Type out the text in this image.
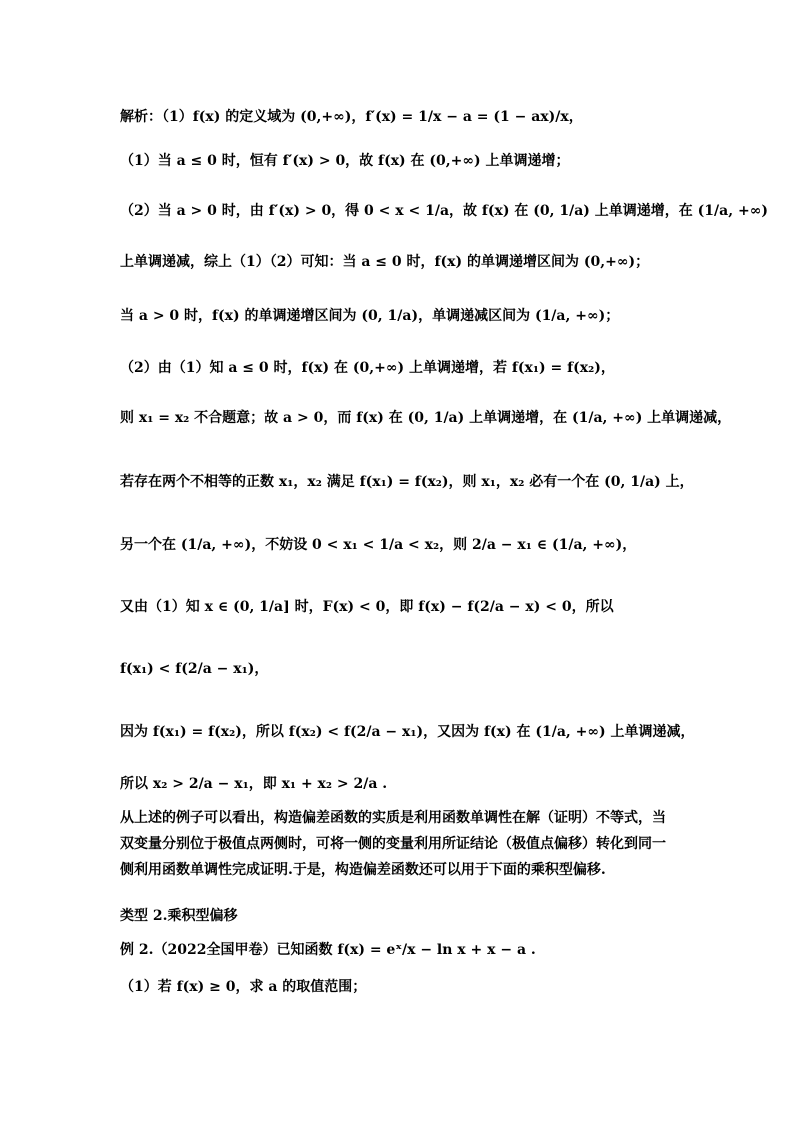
解析：（1）f(x) 的定义域为 (0,+∞)，f′(x) = 1/x − a = (1 − ax)/x，
（1）当 a ≤ 0 时，恒有 f′(x) > 0，故 f(x) 在 (0,+∞) 上单调递增；
（2）当 a > 0 时，由 f′(x) > 0，得 0 < x < 1/a，故 f(x) 在 (0, 1/a) 上单调递增，在 (1/a, +∞)
上单调递减，综上（1）（2）可知：当 a ≤ 0 时，f(x) 的单调递增区间为 (0,+∞)；
当 a > 0 时，f(x) 的单调递增区间为 (0, 1/a)，单调递减区间为 (1/a, +∞)；
（2）由（1）知 a ≤ 0 时，f(x) 在 (0,+∞) 上单调递增，若 f(x₁) = f(x₂)，
则 x₁ = x₂ 不合题意；故 a > 0，而 f(x) 在 (0, 1/a) 上单调递增，在 (1/a, +∞) 上单调递减，
若存在两个不相等的正数 x₁，x₂ 满足 f(x₁) = f(x₂)，则 x₁，x₂ 必有一个在 (0, 1/a) 上，
另一个在 (1/a, +∞)，不妨设 0 < x₁ < 1/a < x₂，则 2/a − x₁ ∈ (1/a, +∞)，
又由（1）知 x ∈ (0, 1/a] 时，F(x) < 0，即 f(x) − f(2/a − x) < 0，所以
f(x₁) < f(2/a − x₁)，
因为 f(x₁) = f(x₂)，所以 f(x₂) < f(2/a − x₁)，又因为 f(x) 在 (1/a, +∞) 上单调递减，
所以 x₂ > 2/a − x₁，即 x₁ + x₂ > 2/a .
从上述的例子可以看出，构造偏差函数的实质是利用函数单调性在解（证明）不等式，当
双变量分别位于极值点两侧时，可将一侧的变量利用所证结论（极值点偏移）转化到同一
侧利用函数单调性完成证明.于是，构造偏差函数还可以用于下面的乘积型偏移.
类型 2.乘积型偏移
例 2.（2022全国甲卷）已知函数 f(x) = eˣ/x − ln x + x − a .
（1）若 f(x) ≥ 0，求 a 的取值范围；
